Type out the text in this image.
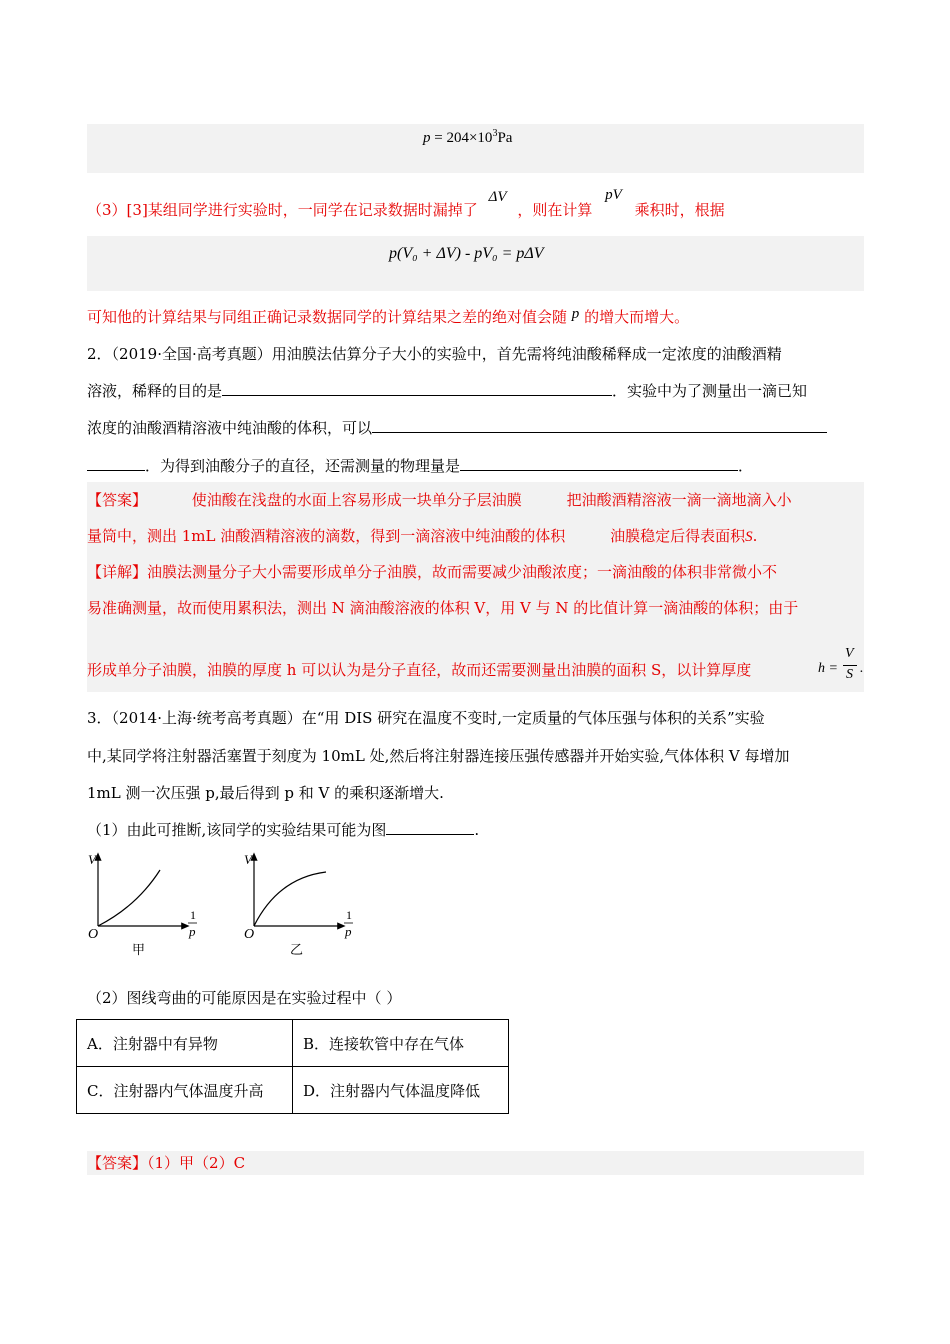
$p = 204\times 10^3Pa$
（3）[3]某组同学进行实验时，一同学在记录数据时漏掉了 ΔV ，则在计算 pV 乘积时，根据
p(V₀ + ΔV) - pV₀ = pΔV
可知他的计算结果与同组正确记录数据同学的计算结果之差的绝对值会随 p 的增大而增大。
2．（2019·全国·高考真题）用油膜法估算分子大小的实验中，首先需将纯油酸稀释成一定浓度的油酸酒精
溶液，稀释的目的是	．实验中为了测量出一滴已知
浓度的油酸酒精溶液中纯油酸的体积，可以
．为得到油酸分子的直径，还需测量的物理量是	．
【答案】	使油酸在浅盘的水面上容易形成一块单分子层油膜	把油酸酒精溶液一滴一滴地滴入小
量筒中，测出 1mL 油酸酒精溶液的滴数，得到一滴溶液中纯油酸的体积	油膜稳定后得表面积S.
【详解】油膜法测量分子大小需要形成单分子油膜，故而需要减少油酸浓度；一滴油酸的体积非常微小不
易准确测量，故而使用累积法，测出 N 滴油酸溶液的体积 V，用 V 与 N 的比值计算一滴油酸的体积；由于
形成单分子油膜，油膜的厚度 h 可以认为是分子直径，故而还需要测量出油膜的面积 S，以计算厚度	h =
V
S .
3．（2014·上海·统考高考真题）在“用 DIS 研究在温度不变时,一定质量的气体压强与体积的关系”实验
中,某同学将注射器活塞置于刻度为 10mL 处,然后将注射器连接压强传感器并开始实验,气体体积 V 每增加
1mL 测一次压强 p,最后得到 p 和 V 的乘积逐渐增大.
（1）由此可推断,该同学的实验结果可能为图	.
V
O
1
p
甲
V
O
1
p
乙
（2）图线弯曲的可能原因是在实验过程中（ ）
A．注射器中有异物	B．连接软管中存在气体
C．注射器内气体温度升高	D．注射器内气体温度降低
【答案】（1）甲（2）C
